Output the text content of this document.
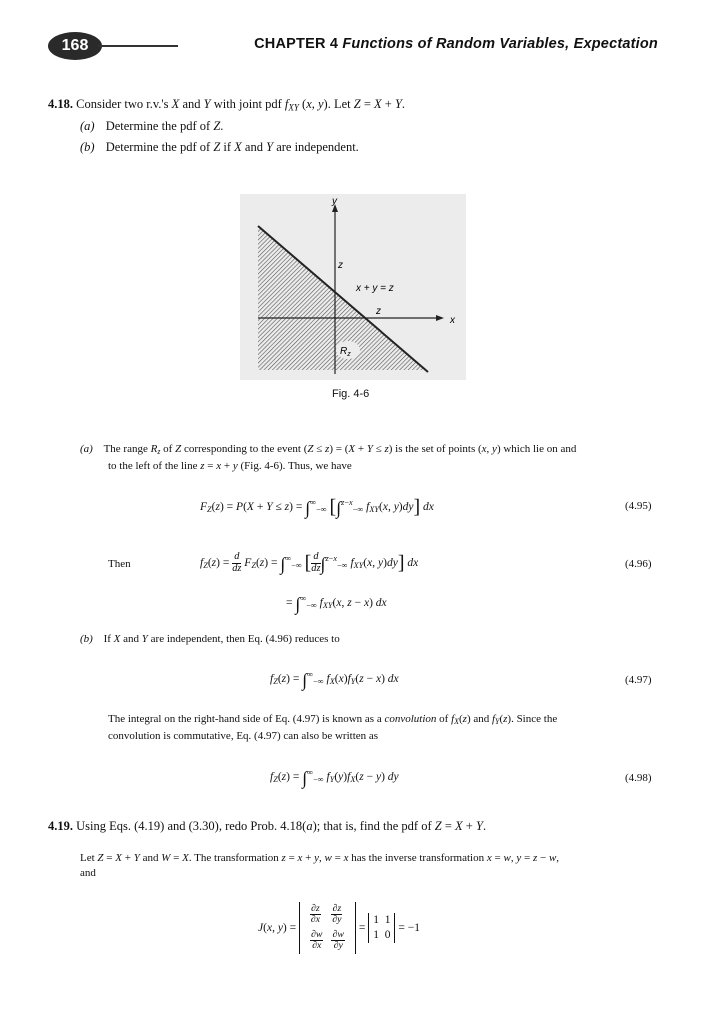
168	CHAPTER 4 Functions of Random Variables, Expectation
4.18. Consider two r.v.'s X and Y with joint pdf $f_{XY}$ (x, y). Let Z = X + Y.
(a) Determine the pdf of Z.
(b) Determine the pdf of Z if X and Y are independent.
y
x
z
z
x + y = z
$R_z$
Fig. 4-6
(a) The range $R_z$ of Z corresponding to the event (Z ≤ z) = (X + Y ≤ z) is the set of points (x, y) which lie on and
to the left of the line z = x + y (Fig. 4-6). Thus, we have
$F_Z(z) = P(X + Y \le z) = \int^\infty_{-\infty}$ [∫$^{z-x}_{-\infty}$ $f_{XY}(x$, y)dy] dx	(4.95)
Then	$f_Z(z) = \frac{d}{dz} F_Z(z) = \int^\infty_{-\infty}$ [ $\frac{d}{dz} \int^{z-x}_{-\infty}$ $f_{XY}(x$, y)dy] dx	(4.96)
= $\int^\infty_{-\infty}$ $f_{XY}(x$, z − x) dx
(b) If X and Y are independent, then Eq. (4.96) reduces to
$f_Z(z) = \int^\infty_{-\infty}$ $f_X(x)f_Y(z - x)$ dx	(4.97)
The integral on the right-hand side of Eq. (4.97) is known as a convolution of $f_X(z)$ and $f_Y(z)$. Since the
convolution is commutative, Eq. (4.97) can also be written as
$f_Z(z) = \int^\infty_{-\infty}$ $f_Y(y)f_X(z - y)$ dy	(4.98)
4.19. Using Eqs. (4.19) and (3.30), redo Prob. 4.18(a); that is, find the pdf of Z = X + Y.
Let Z = X + Y and W = X. The transformation z = x + y, w = x has the inverse transformation x = w, y = z − w,
and
J(x, y) =
$\frac{\partial z}{\partial x}$	$\frac{\partial z}{\partial y}$

$\frac{\partial w}{\partial x}$	$\frac{\partial w}{\partial y}$
= 1  1
1  0 = −1
